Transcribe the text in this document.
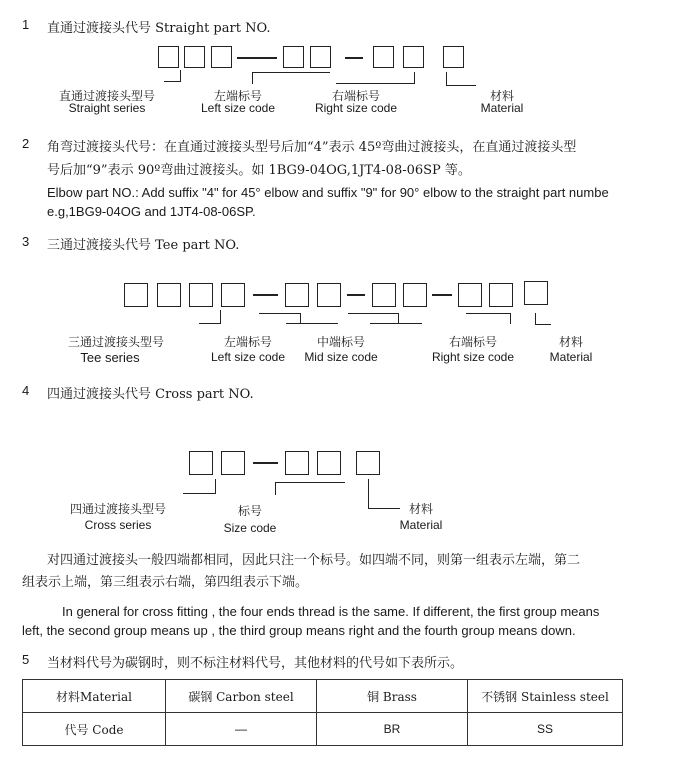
1 直通过渡接头代号 Straight part NO.
直通过渡接头型号
Straight series
左端标号
Left size code
右端标号
Right size code
材料
Material
2 角弯过渡接头代号：在直通过渡接头型号后加“4”表示 45º弯曲过渡接头，在直通过渡接头型
号后加“9”表示 90º弯曲过渡接头。如 1BG9-04OG,1JT4-08-06SP 等。
Elbow part NO.: Add suffix "4" for 45° elbow and suffix "9" for 90° elbow to the straight part numbe
e.g,1BG9-04OG and 1JT4-08-06SP.
3 三通过渡接头代号 Tee part NO.
三通过渡接头型号
Tee series
左端标号
Left size code
中端标号
Mid size code
右端标号
Right size code
材料
Material
4 四通过渡接头代号 Cross part NO.
四通过渡接头型号
Cross series
标号
Size code
材料
Material
对四通过渡接头一般四端都相同，因此只注一个标号。如四端不同，则第一组表示左端，第二
组表示上端，第三组表示右端，第四组表示下端。
In general for cross fitting , the four ends thread is the same. If different, the first group means
left, the second group means up , the third group means right and the fourth group means down.
5 当材料代号为碳钢时，则不标注材料代号，其他材料的代号如下表所示。
材料Material	碳钢 Carbon steel	铜 Brass	不锈钢 Stainless steel
代号 Code	—	BR	SS
